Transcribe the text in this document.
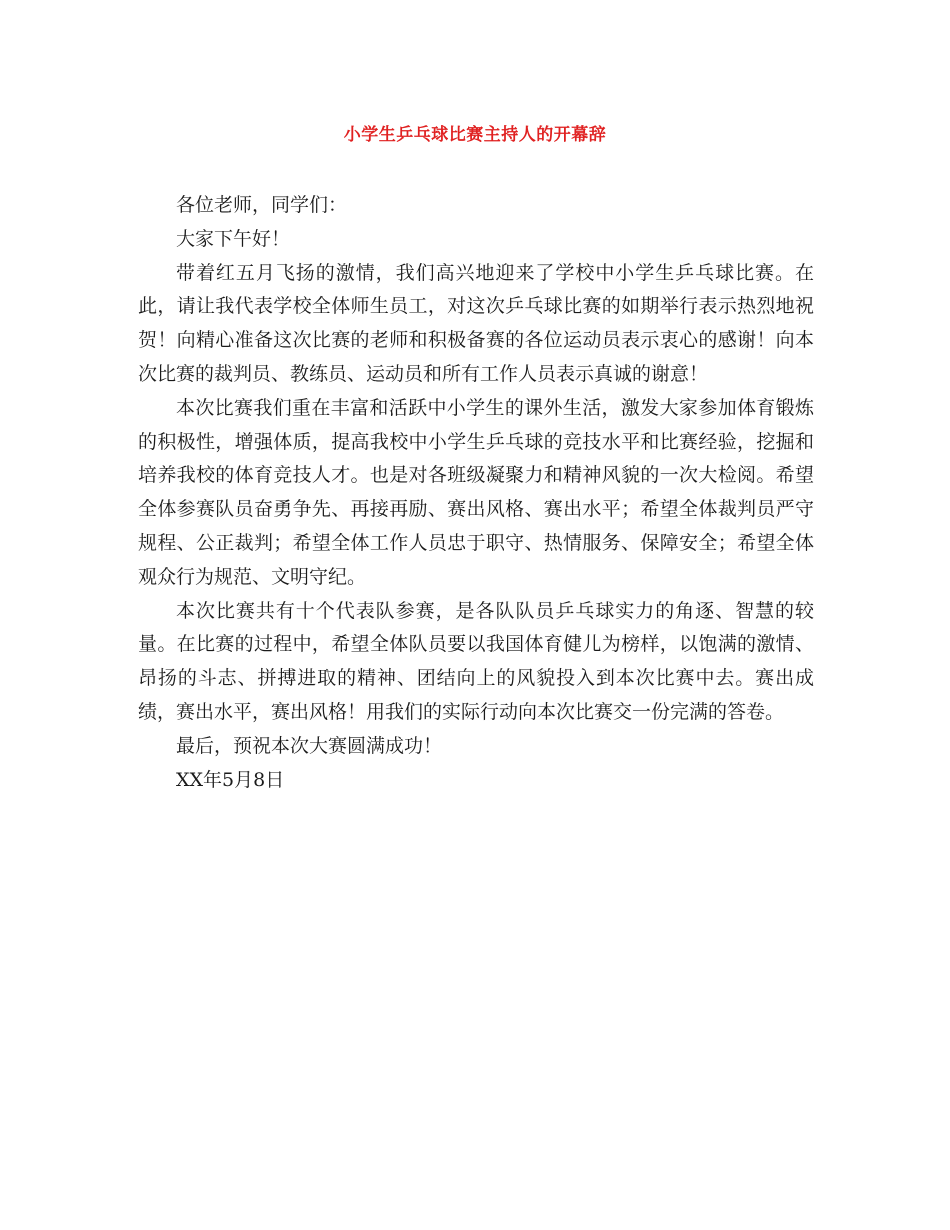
小学生乒乓球比赛主持人的开幕辞

各位老师，同学们：

大家下午好！

带着红五月飞扬的激情，我们高兴地迎来了学校中小学生乒乓球比赛。在此，请让我代表学校全体师生员工，对这次乒乓球比赛的如期举行表示热烈地祝贺！向精心准备这次比赛的老师和积极备赛的各位运动员表示衷心的感谢！向本次比赛的裁判员、教练员、运动员和所有工作人员表示真诚的谢意！

本次比赛我们重在丰富和活跃中小学生的课外生活，激发大家参加体育锻炼的积极性，增强体质，提高我校中小学生乒乓球的竞技水平和比赛经验，挖掘和培养我校的体育竞技人才。也是对各班级凝聚力和精神风貌的一次大检阅。希望全体参赛队员奋勇争先、再接再励、赛出风格、赛出水平；希望全体裁判员严守规程、公正裁判；希望全体工作人员忠于职守、热情服务、保障安全；希望全体观众行为规范、文明守纪。

本次比赛共有十个代表队参赛，是各队队员乒乓球实力的角逐、智慧的较量。在比赛的过程中，希望全体队员要以我国体育健儿为榜样，以饱满的激情、昂扬的斗志、拼搏进取的精神、团结向上的风貌投入到本次比赛中去。赛出成绩，赛出水平，赛出风格！用我们的实际行动向本次比赛交一份完满的答卷。

最后，预祝本次大赛圆满成功！

XX年5月8日
